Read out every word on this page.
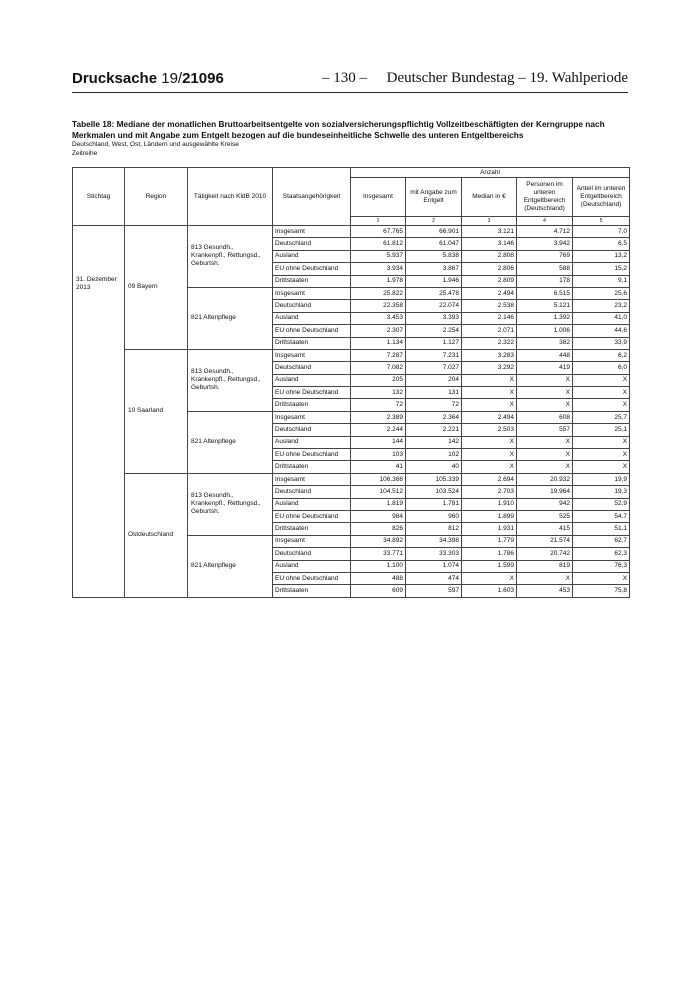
Drucksache 19/21096	– 130 – Deutscher Bundestag – 19. Wahlperiode
Tabelle 18: Mediane der monatlichen Bruttoarbeitsentgelte von sozialversicherungspflichtig Vollzeitbeschäftigten der Kerngruppe nach Merkmalen und mit Angabe zum Entgelt bezogen auf die bundeseinheitliche Schwelle des unteren Entgeltbereichs
Deutschland, West, Ost, Ländern und ausgewählte Kreise
Zeitreihe
Stichtag	Region	Tätigkeit nach KldB 2010	Staatsangehörigkeit	Anzahl				
				Insgesamt	mit Angabe zum Entgelt	Median in €	Personen im unteren Entgeltbereich (Deutschland)	Anteil im unteren Entgeltbereich (Deutschland)
				1	2	3	4	5
31. Dezember 2013	09 Bayern	813 Gesundh., Krankenpfl., Rettungsd., Geburtsh.	Insgesamt	67.765	66.901	3.121	4.712	7,0
			Deutschland	61.812	61.047	3.146	3.942	6,5
			Ausland	5.937	5.838	2.808	769	13,2
			EU ohne Deutschland	3.934	3.867	2.806	588	15,2
			Drittstaaten	1.978	1.946	2.809	178	9,1
		821 Altenpflege	Insgesamt	25.822	25.478	2.494	6.515	25,6
			Deutschland	22.358	22.074	2.538	5.121	23,2
			Ausland	3.453	3.393	2.146	1.392	41,0
			EU ohne Deutschland	2.307	2.254	2.071	1.006	44,6
			Drittstaaten	1.134	1.127	2.322	382	33,9
	10 Saarland	813 Gesundh., Krankenpfl., Rettungsd., Geburtsh.	Insgesamt	7.287	7.231	3.283	448	6,2
			Deutschland	7.082	7.027	3.292	419	6,0
			Ausland	205	204	X	X	X
			EU ohne Deutschland	132	131	X	X	X
			Drittstaaten	72	72	X	X	X
		821 Altenpflege	Insgesamt	2.389	2.364	2.494	608	25,7
			Deutschland	2.244	2.221	2.503	557	25,1
			Ausland	144	142	X	X	X
			EU ohne Deutschland	103	102	X	X	X
			Drittstaaten	41	40	X	X	X
	Ostdeutschland	813 Gesundh., Krankenpfl., Rettungsd., Geburtsh.	Insgesamt	106.366	105.339	2.694	20.932	19,9
			Deutschland	104.512	103.524	2.703	19.964	19,3
			Ausland	1.819	1.781	1.910	942	52,9
			EU ohne Deutschland	984	960	1.899	525	54,7
			Drittstaaten	826	812	1.931	415	51,1
		821 Altenpflege	Insgesamt	34.892	34.398	1.779	21.574	62,7
			Deutschland	33.771	33.303	1.786	20.742	62,3
			Ausland	1.100	1.074	1.599	819	76,3
			EU ohne Deutschland	488	474	X	X	X
			Drittstaaten	609	597	1.603	453	75,8
